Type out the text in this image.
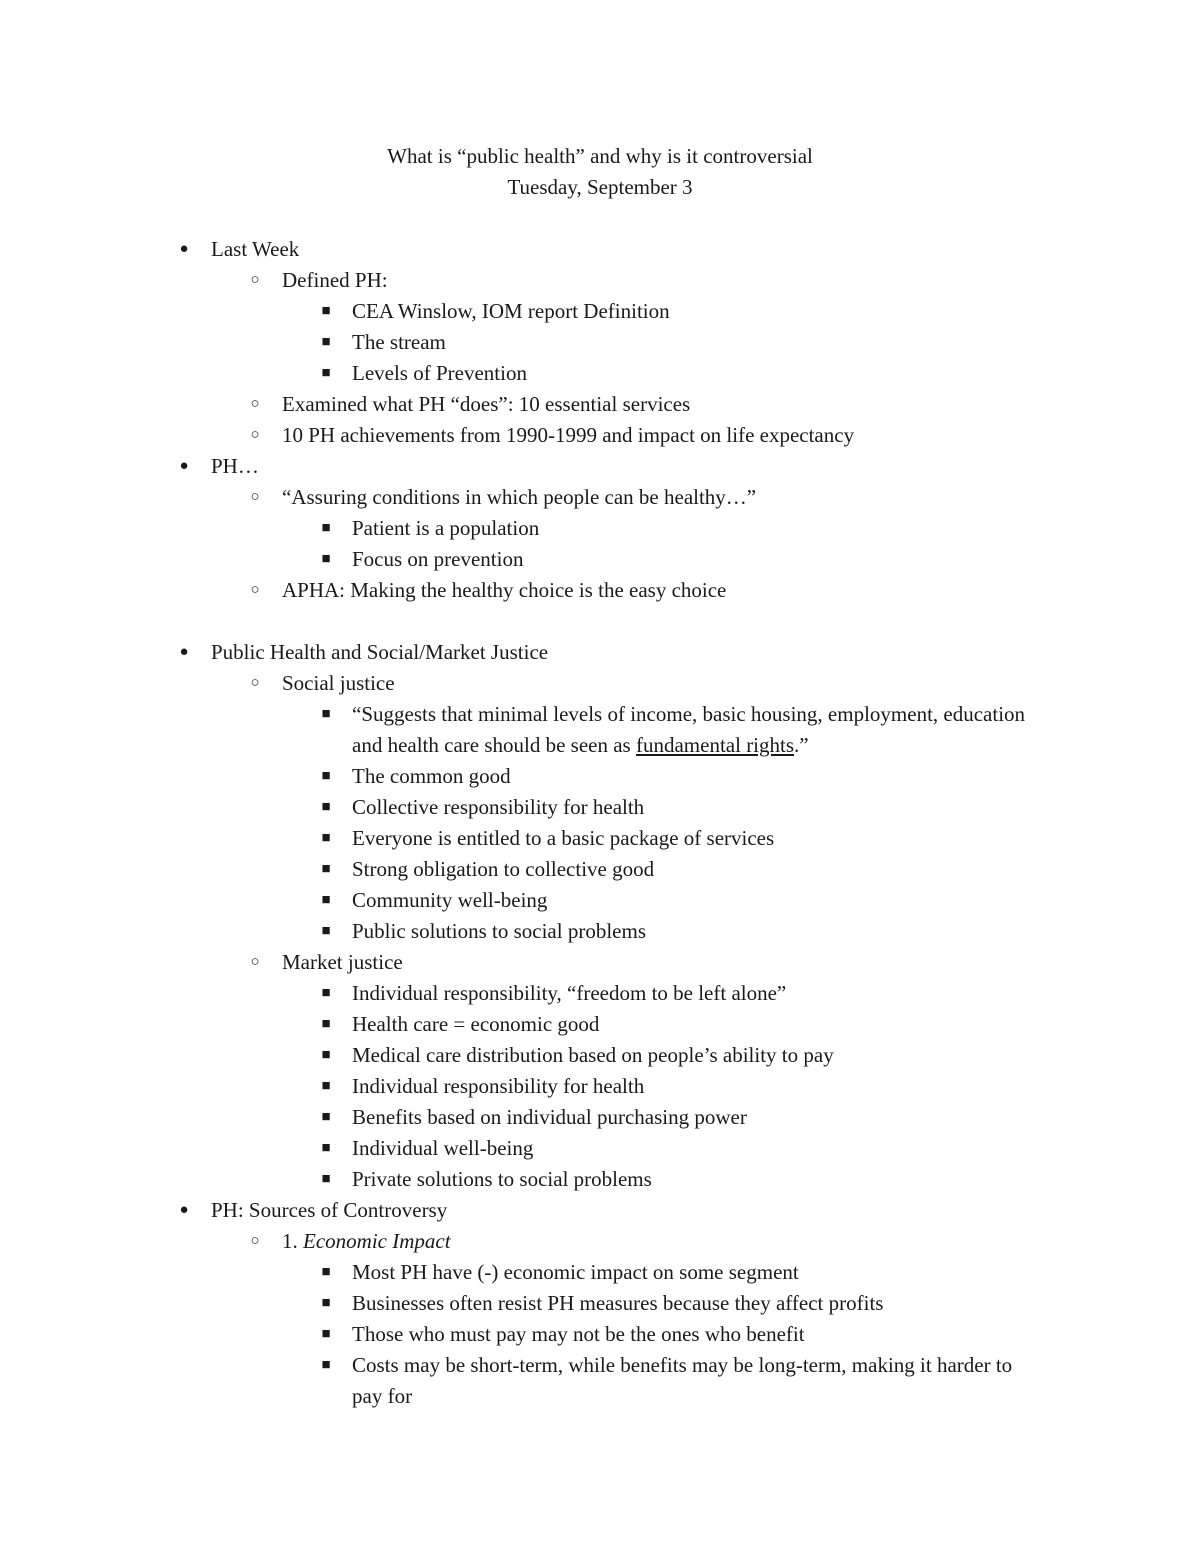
What is “public health” and why is it controversial
Tuesday, September 3
● Last Week
○ Defined PH:
■ CEA Winslow, IOM report Definition
■ The stream
■ Levels of Prevention
○ Examined what PH “does”: 10 essential services
○ 10 PH achievements from 1990-1999 and impact on life expectancy
● PH…
○ “Assuring conditions in which people can be healthy…”
■ Patient is a population
■ Focus on prevention
○ APHA: Making the healthy choice is the easy choice
● Public Health and Social/Market Justice
○ Social justice
■ “Suggests that minimal levels of income, basic housing, employment, education and health care should be seen as fundamental rights.”
■ The common good
■ Collective responsibility for health
■ Everyone is entitled to a basic package of services
■ Strong obligation to collective good
■ Community well-being
■ Public solutions to social problems
○ Market justice
■ Individual responsibility, “freedom to be left alone”
■ Health care = economic good
■ Medical care distribution based on people’s ability to pay
■ Individual responsibility for health
■ Benefits based on individual purchasing power
■ Individual well-being
■ Private solutions to social problems
● PH: Sources of Controversy
○ 1. Economic Impact
■ Most PH have (-) economic impact on some segment
■ Businesses often resist PH measures because they affect profits
■ Those who must pay may not be the ones who benefit
■ Costs may be short-term, while benefits may be long-term, making it harder to pay for
